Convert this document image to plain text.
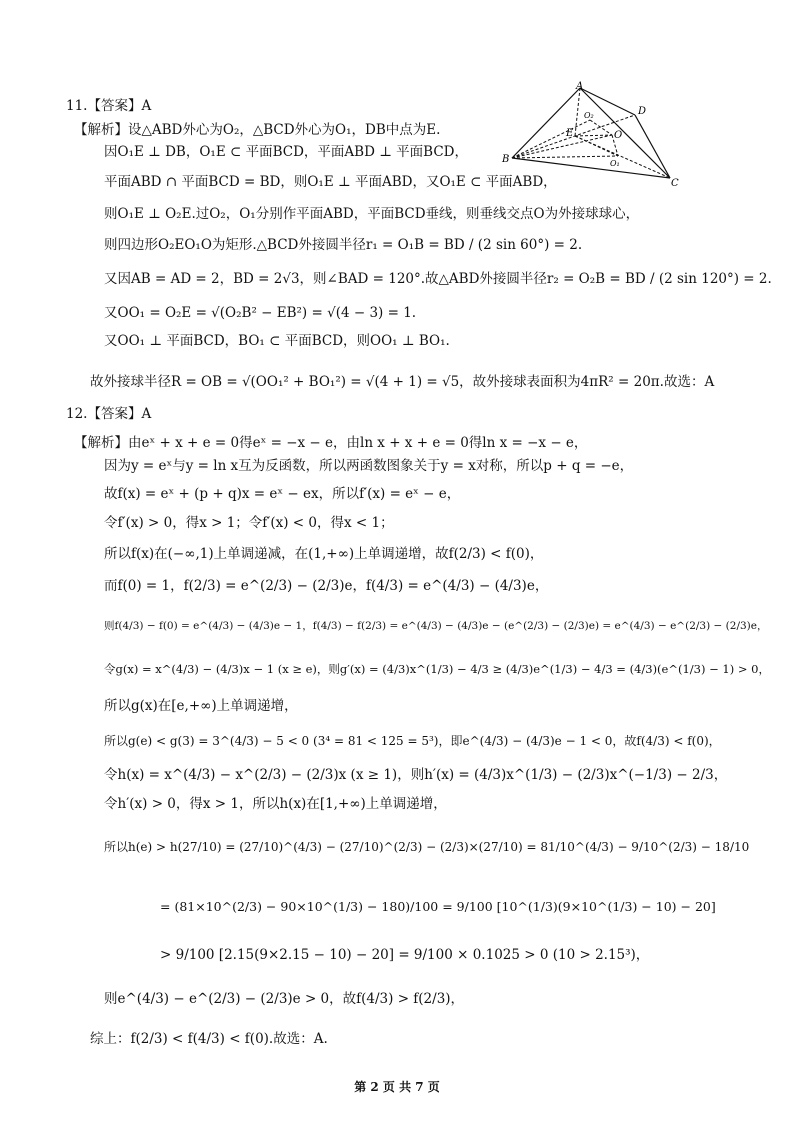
11.【答案】A
【解析】设△ABD外心为O₂，△BCD外心为O₁，DB中点为E.
因O₁E ⊥ DB，O₁E ⊂ 平面BCD，平面ABD ⊥ 平面BCD，
平面ABD ∩ 平面BCD = BD，则O₁E ⊥ 平面ABD，又O₁E ⊂ 平面ABD，
则O₁E ⊥ O₂E.过O₂，O₁分别作平面ABD，平面BCD垂线，则垂线交点O为外接球球心，
则四边形O₂EO₁O为矩形.△BCD外接圆半径r₁ = O₁B = BD / (2 sin 60°) = 2.
又因AB = AD = 2，BD = 2√3，则∠BAD = 120°.故△ABD外接圆半径r₂ = O₂B = BD / (2 sin 120°) = 2.
又OO₁ = O₂E = √(O₂B² − EB²) = √(4 − 3) = 1.
又OO₁ ⊥ 平面BCD，BO₁ ⊂ 平面BCD，则OO₁ ⊥ BO₁.
故外接球半径R = OB = √(OO₁² + BO₁²) = √(4 + 1) = √5，故外接球表面积为4πR² = 20π.故选：A
A
D
O₂
E	O
O₁
B
C
12.【答案】A
【解析】由eˣ + x + e = 0得eˣ = −x − e，由ln x + x + e = 0得ln x = −x − e，
因为y = eˣ与y = ln x互为反函数，所以两函数图象关于y = x对称，所以p + q = −e，
故f(x) = eˣ + (p + q)x = eˣ − ex，所以f′(x) = eˣ − e，
令f′(x) > 0，得x > 1；令f′(x) < 0，得x < 1；
所以f(x)在(−∞,1)上单调递减，在(1,+∞)上单调递增，故f(2/3) < f(0)，
而f(0) = 1，f(2/3) = e^(2/3) − (2/3)e，f(4/3) = e^(4/3) − (4/3)e，
则f(4/3) − f(0) = e^(4/3) − (4/3)e − 1，f(4/3) − f(2/3) = e^(4/3) − (4/3)e − (e^(2/3) − (2/3)e) = e^(4/3) − e^(2/3) − (2/3)e，
令g(x) = x^(4/3) − (4/3)x − 1 (x ≥ e)，则g′(x) = (4/3)x^(1/3) − 4/3 ≥ (4/3)e^(1/3) − 4/3 = (4/3)(e^(1/3) − 1) > 0，
所以g(x)在[e,+∞)上单调递增，
所以g(e) < g(3) = 3^(4/3) − 5 < 0 (3⁴ = 81 < 125 = 5³)，即e^(4/3) − (4/3)e − 1 < 0，故f(4/3) < f(0)，
令h(x) = x^(4/3) − x^(2/3) − (2/3)x (x ≥ 1)，则h′(x) = (4/3)x^(1/3) − (2/3)x^(−1/3) − 2/3，
令h′(x) > 0，得x > 1，所以h(x)在[1,+∞)上单调递增，
所以h(e) > h(27/10) = (27/10)^(4/3) − (27/10)^(2/3) − (2/3)×(27/10) = 81/10^(4/3) − 9/10^(2/3) − 18/10
= (81×10^(2/3) − 90×10^(1/3) − 180)/100 = 9/100 [10^(1/3)(9×10^(1/3) − 10) − 20]
> 9/100 [2.15(9×2.15 − 10) − 20] = 9/100 × 0.1025 > 0 (10 > 2.15³)，
则e^(4/3) − e^(2/3) − (2/3)e > 0，故f(4/3) > f(2/3)，
综上：f(2/3) < f(4/3) < f(0).故选：A.
第 2 页 共 7 页
